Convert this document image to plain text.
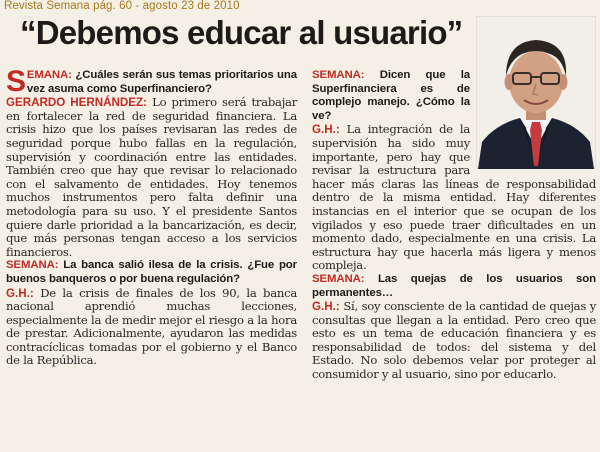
Revista Semana pág. 60 - agosto 23 de 2010
“Debemos educar al usuario”

SEMANA: ¿Cuáles serán sus temas prioritarios una vez asuma como Superfinanciero?

GERARDO HERNÁNDEZ: Lo primero será trabajar en fortalecer la red de seguridad financiera. La crisis hizo que los países revisaran las redes de seguridad porque hubo fallas en la regulación, supervisión y coordinación entre las entidades. También creo que hay que revisar lo relacionado con el salvamento de entidades. Hoy tenemos muchos instrumentos pero falta definir una metodología para su uso. Y el presidente Santos quiere darle prioridad a la bancarización, es decir, que más personas tengan acceso a los servicios financieros.

SEMANA: La banca salió ilesa de la crisis. ¿Fue por buenos banqueros o por buena regulación?

G.H.: De la crisis de finales de los 90, la banca nacional aprendió muchas lecciones, especialmente la de medir mejor el riesgo a la hora de prestar. Adicionalmente, ayudaron las medidas contracíclicas tomadas por el gobierno y el Banco de la República.

SEMANA: Dicen que la Superfinanciera es de complejo manejo. ¿Cómo la ve?

G.H.: La integración de la supervisión ha sido muy importante, pero hay que revisar la estructura para hacer más claras las líneas de responsabilidad dentro de la misma entidad. Hay diferentes instancias en el interior que se ocupan de los vigilados y eso puede traer dificultades en un momento dado, especialmente en una crisis. La estructura hay que hacerla más ligera y menos compleja.

SEMANA: Las quejas de los usuarios son permanentes…

G.H.: Sí, soy consciente de la cantidad de quejas y consultas que llegan a la entidad. Pero creo que esto es un tema de educación financiera y es responsabilidad de todos: del sistema y del Estado. No solo debemos velar por proteger al consumidor y al usuario, sino por educarlo.
